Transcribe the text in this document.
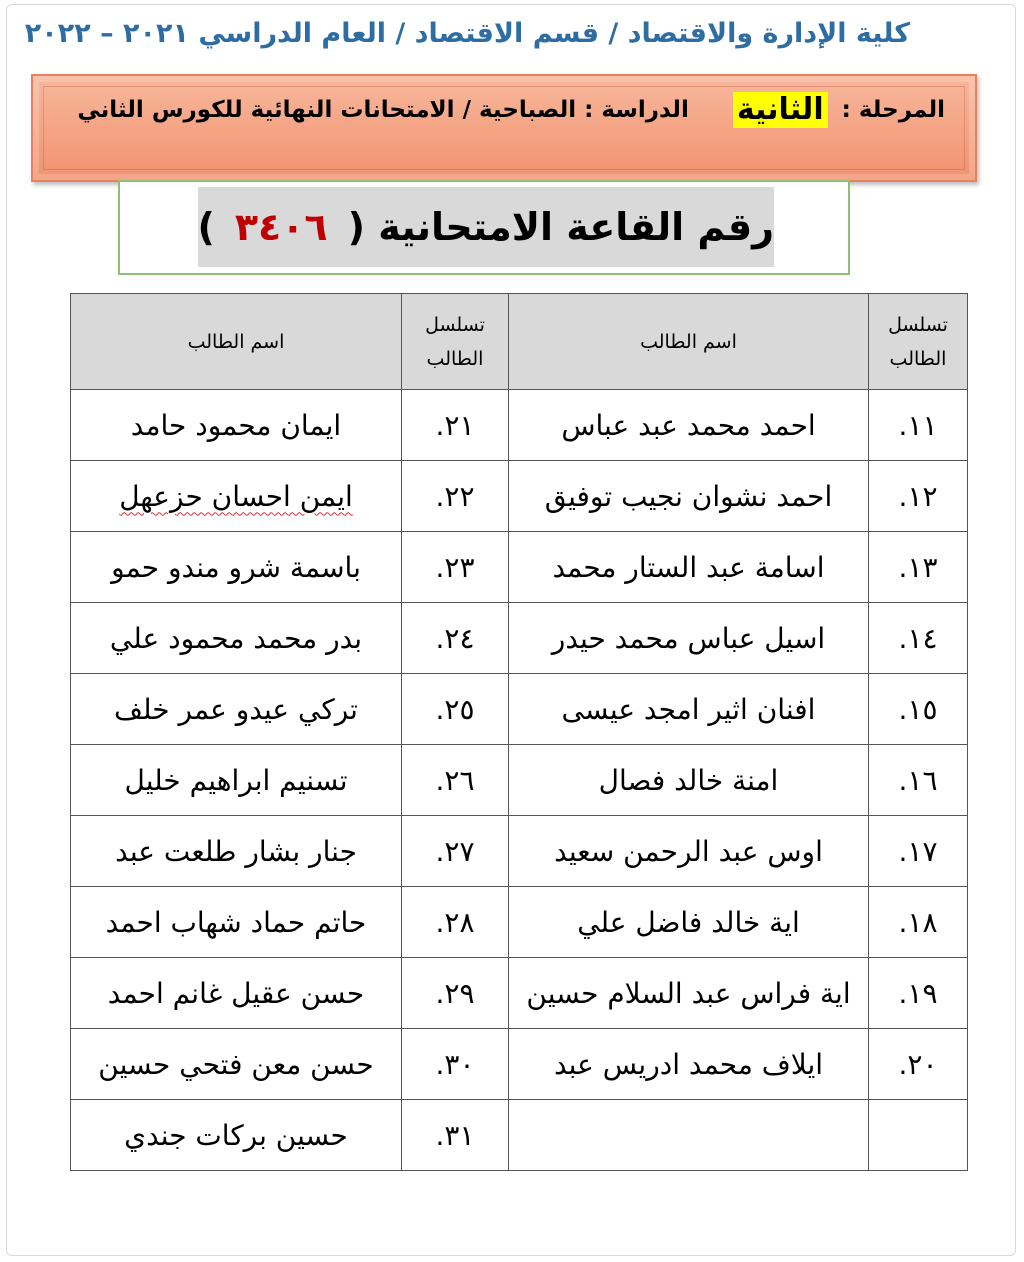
كلية الإدارة والاقتصاد / قسم الاقتصاد / العام الدراسي ٢٠٢١ – ٢٠٢٢
المرحلة : الثانية الدراسة : الصباحية / الامتحانات النهائية للكورس الثاني
رقم القاعة الامتحانية (٣٤٠٦)
تسلسل الطالب	اسم الطالب	تسلسل الطالب	اسم الطالب
١١.	احمد محمد عبد عباس	٢١.	ايمان محمود حامد
١٢.	احمد نشوان نجيب توفيق	٢٢.	ايمن احسان حزعهل
١٣.	اسامة عبد الستار محمد	٢٣.	باسمة شرو مندو حمو
١٤.	اسيل عباس محمد حيدر	٢٤.	بدر محمد محمود علي
١٥.	افنان اثير امجد عيسى	٢٥.	تركي عيدو عمر خلف
١٦.	امنة خالد فصال	٢٦.	تسنيم ابراهيم خليل
١٧.	اوس عبد الرحمن سعيد	٢٧.	جنار بشار طلعت عبد
١٨.	اية خالد فاضل علي	٢٨.	حاتم حماد شهاب احمد
١٩.	اية فراس عبد السلام حسين	٢٩.	حسن عقيل غانم احمد
٢٠.	ايلاف محمد ادريس عبد	٣٠.	حسن معن فتحي حسين
		٣١.	حسين بركات جندي
